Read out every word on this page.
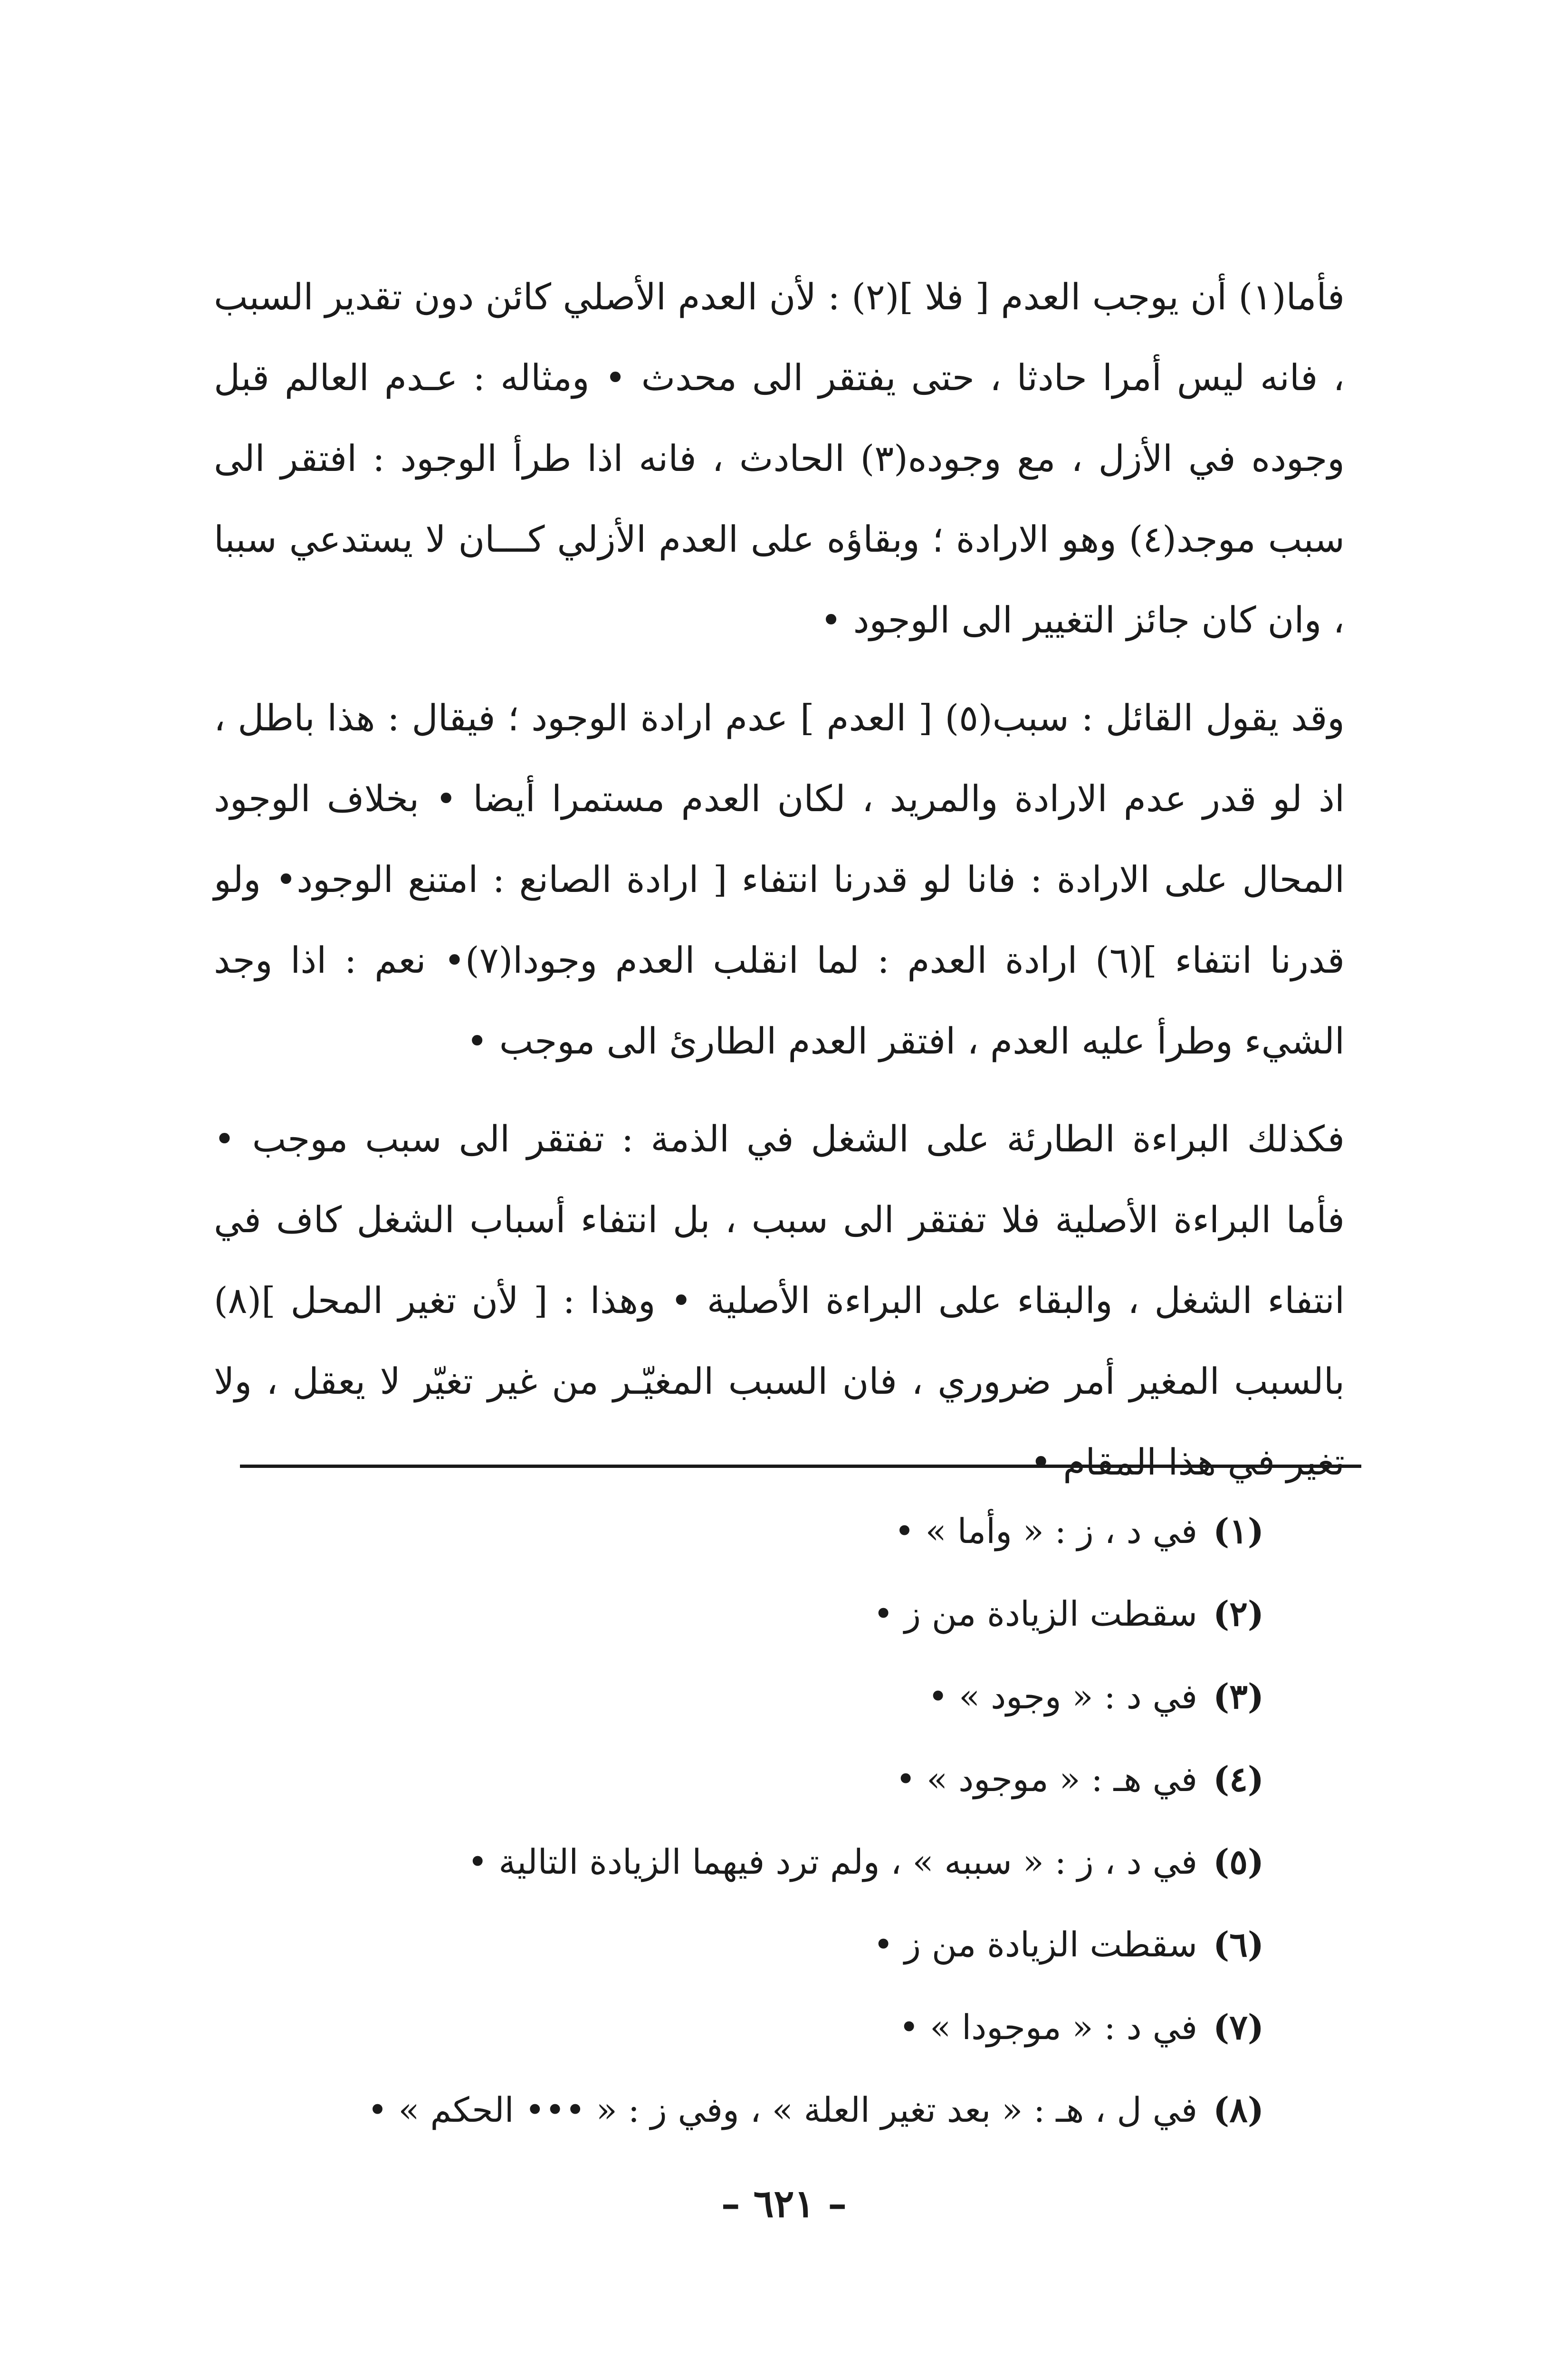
فأما(١) أن يوجب العدم [ فلا ](٢) : لأن العدم الأصلي كائن دون تقدير السبب ، فانه ليس أمرا حادثا ، حتى يفتقر الى محدث • ومثاله : عـدم العالم قبل وجوده في الأزل ، مع وجوده(٣) الحادث ، فانه اذا طرأ الوجود : افتقر الى سبب موجد(٤) وهو الارادة ؛ وبقاؤه على العدم الأزلي كـــان لا يستدعي سببا ، وان كان جائز التغيير الى الوجود •

وقد يقول القائل : سبب(٥) [ العدم ] عدم ارادة الوجود ؛ فيقال : هذا باطل ، اذ لو قدر عدم الارادة والمريد ، لكان العدم مستمرا أيضا • بخلاف الوجود المحال على الارادة : فانا لو قدرنا انتفاء [ ارادة الصانع : امتنع الوجود• ولو قدرنا انتفاء ](٦) ارادة العدم : لما انقلب العدم وجودا(٧)• نعم : اذا وجد الشيء وطرأ عليه العدم ، افتقر العدم الطارئ الى موجب •

فكذلك البراءة الطارئة على الشغل في الذمة : تفتقر الى سبب موجب • فأما البراءة الأصلية فلا تفتقر الى سبب ، بل انتفاء أسباب الشغل كاف في انتفاء الشغل ، والبقاء على البراءة الأصلية • وهذا : [ لأن تغير المحل ](٨) بالسبب المغير أمر ضروري ، فان السبب المغيّـر من غير تغيّر لا يعقل ، ولا تغير في هذا المقام •

(١)في د ، ز : « وأما » •
(٢)سقطت الزيادة من ز •
(٣)في د : « وجود » •
(٤)في هـ : « موجود » •
(٥)في د ، ز : « سببه » ، ولم ترد فيهما الزيادة التالية •
(٦)سقطت الزيادة من ز •
(٧)في د : « موجودا » •
(٨)في ل ، هـ : « بعد تغير العلة » ، وفي ز : « ••• الحكم » •
– ٦٢١ –
